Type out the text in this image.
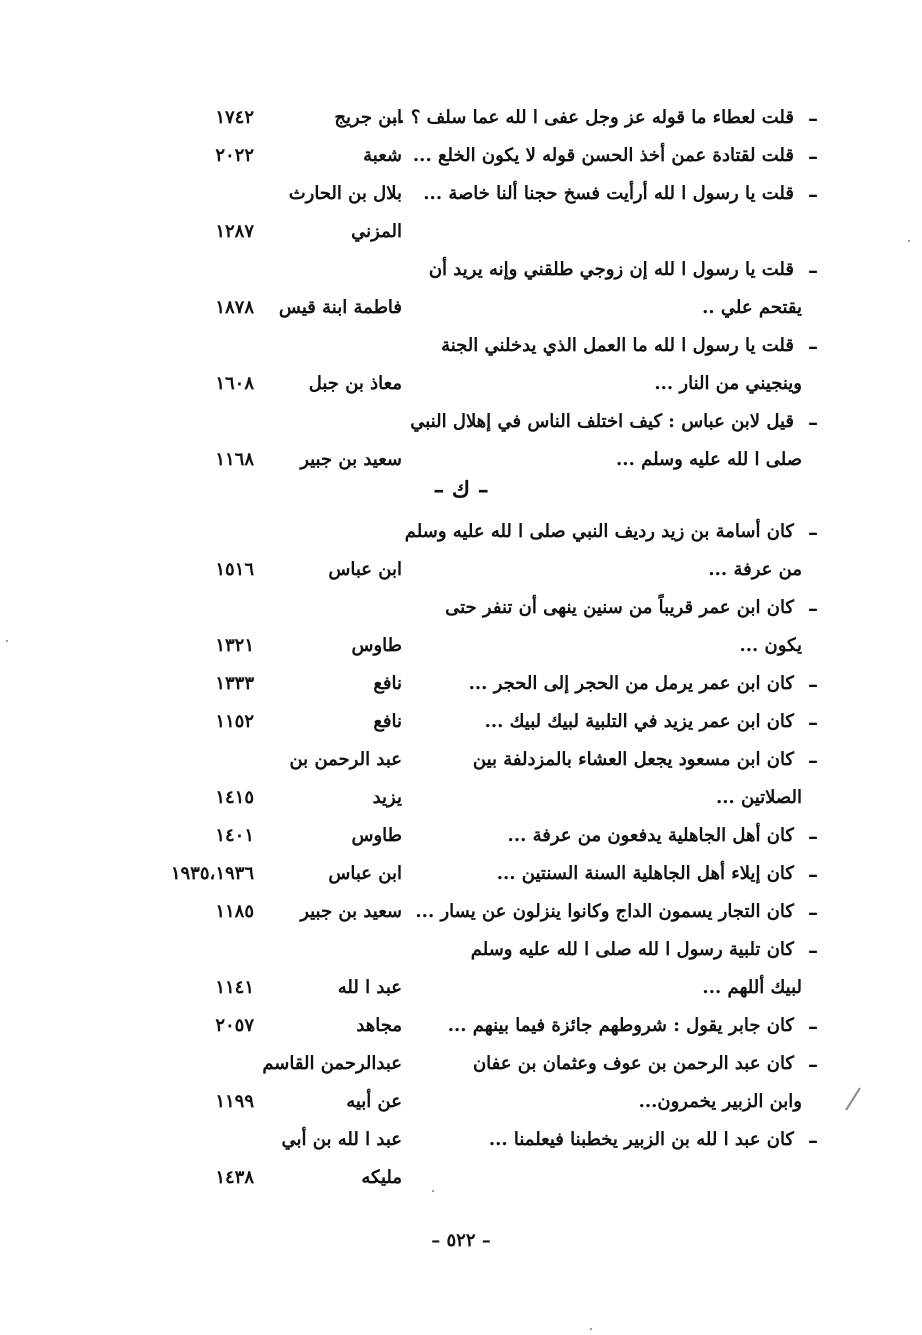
–
قلت لعطاء ما قوله عز وجل عفى ا لله عما سلف ؟ ...
ابن جريج
١٧٤٢
–
قلت لقتادة عمن أخذ الحسن قوله لا يكون الخلع ...
شعبة
٢٠٢٢
–
قلت يا رسول ا لله أرأيت فسخ حجنا ألنا خاصة ...
بلال بن الحارث
المزني
١٢٨٧
–
قلت يا رسول ا لله إن زوجي طلقني وإنه يريد أن
يقتحم علي ..
فاطمة ابنة قيس
١٨٧٨
–
قلت يا رسول ا لله ما العمل الذي يدخلني الجنة
وينجيني من النار ...
معاذ بن جبل
١٦٠٨
–
قيل لابن عباس : كيف اختلف الناس في إهلال النبي
صلى ا لله عليه وسلم ...
سعيد بن جبير
١١٦٨
–
كان أسامة بن زيد رديف النبي صلى ا لله عليه وسلم
من عرفة ...
ابن عباس
١٥١٦
–
كان ابن عمر قريباً من سنين ينهى أن تنفر حتى
يكون ...
طاوس
١٣٢١
–
كان ابن عمر يرمل من الحجر إلى الحجر ...
نافع
١٣٣٣
–
كان ابن عمر يزيد في التلبية لبيك لبيك ...
نافع
١١٥٢
–
كان ابن مسعود يجعل العشاء بالمزدلفة بين
عبد الرحمن بن
الصلاتين ...
يزيد
١٤١٥
–
كان أهل الجاهلية يدفعون من عرفة ...
طاوس
١٤٠١
–
كان إيلاء أهل الجاهلية السنة السنتين ...
ابن عباس
١٩٣٥،١٩٣٦
–
كان التجار يسمون الداج وكانوا ينزلون عن يسار ...
سعيد بن جبير
١١٨٥
–
كان تلبية رسول ا لله صلى ا لله عليه وسلم
لبيك أللهم ...
عبد ا لله
١١٤١
–
كان جابر يقول : شروطهم جائزة فيما بينهم ...
مجاهد
٢٠٥٧
–
كان عبد الرحمن بن عوف وعثمان بن عفان
عبدالرحمن القاسم
وابن الزبير يخمرون...
عن أبيه
١١٩٩
–
كان عبد ا لله بن الزبير يخطبنا فيعلمنا ...
عبد ا لله بن أبي
مليكه
١٤٣٨
– ك –
– ٥٢٢ –
